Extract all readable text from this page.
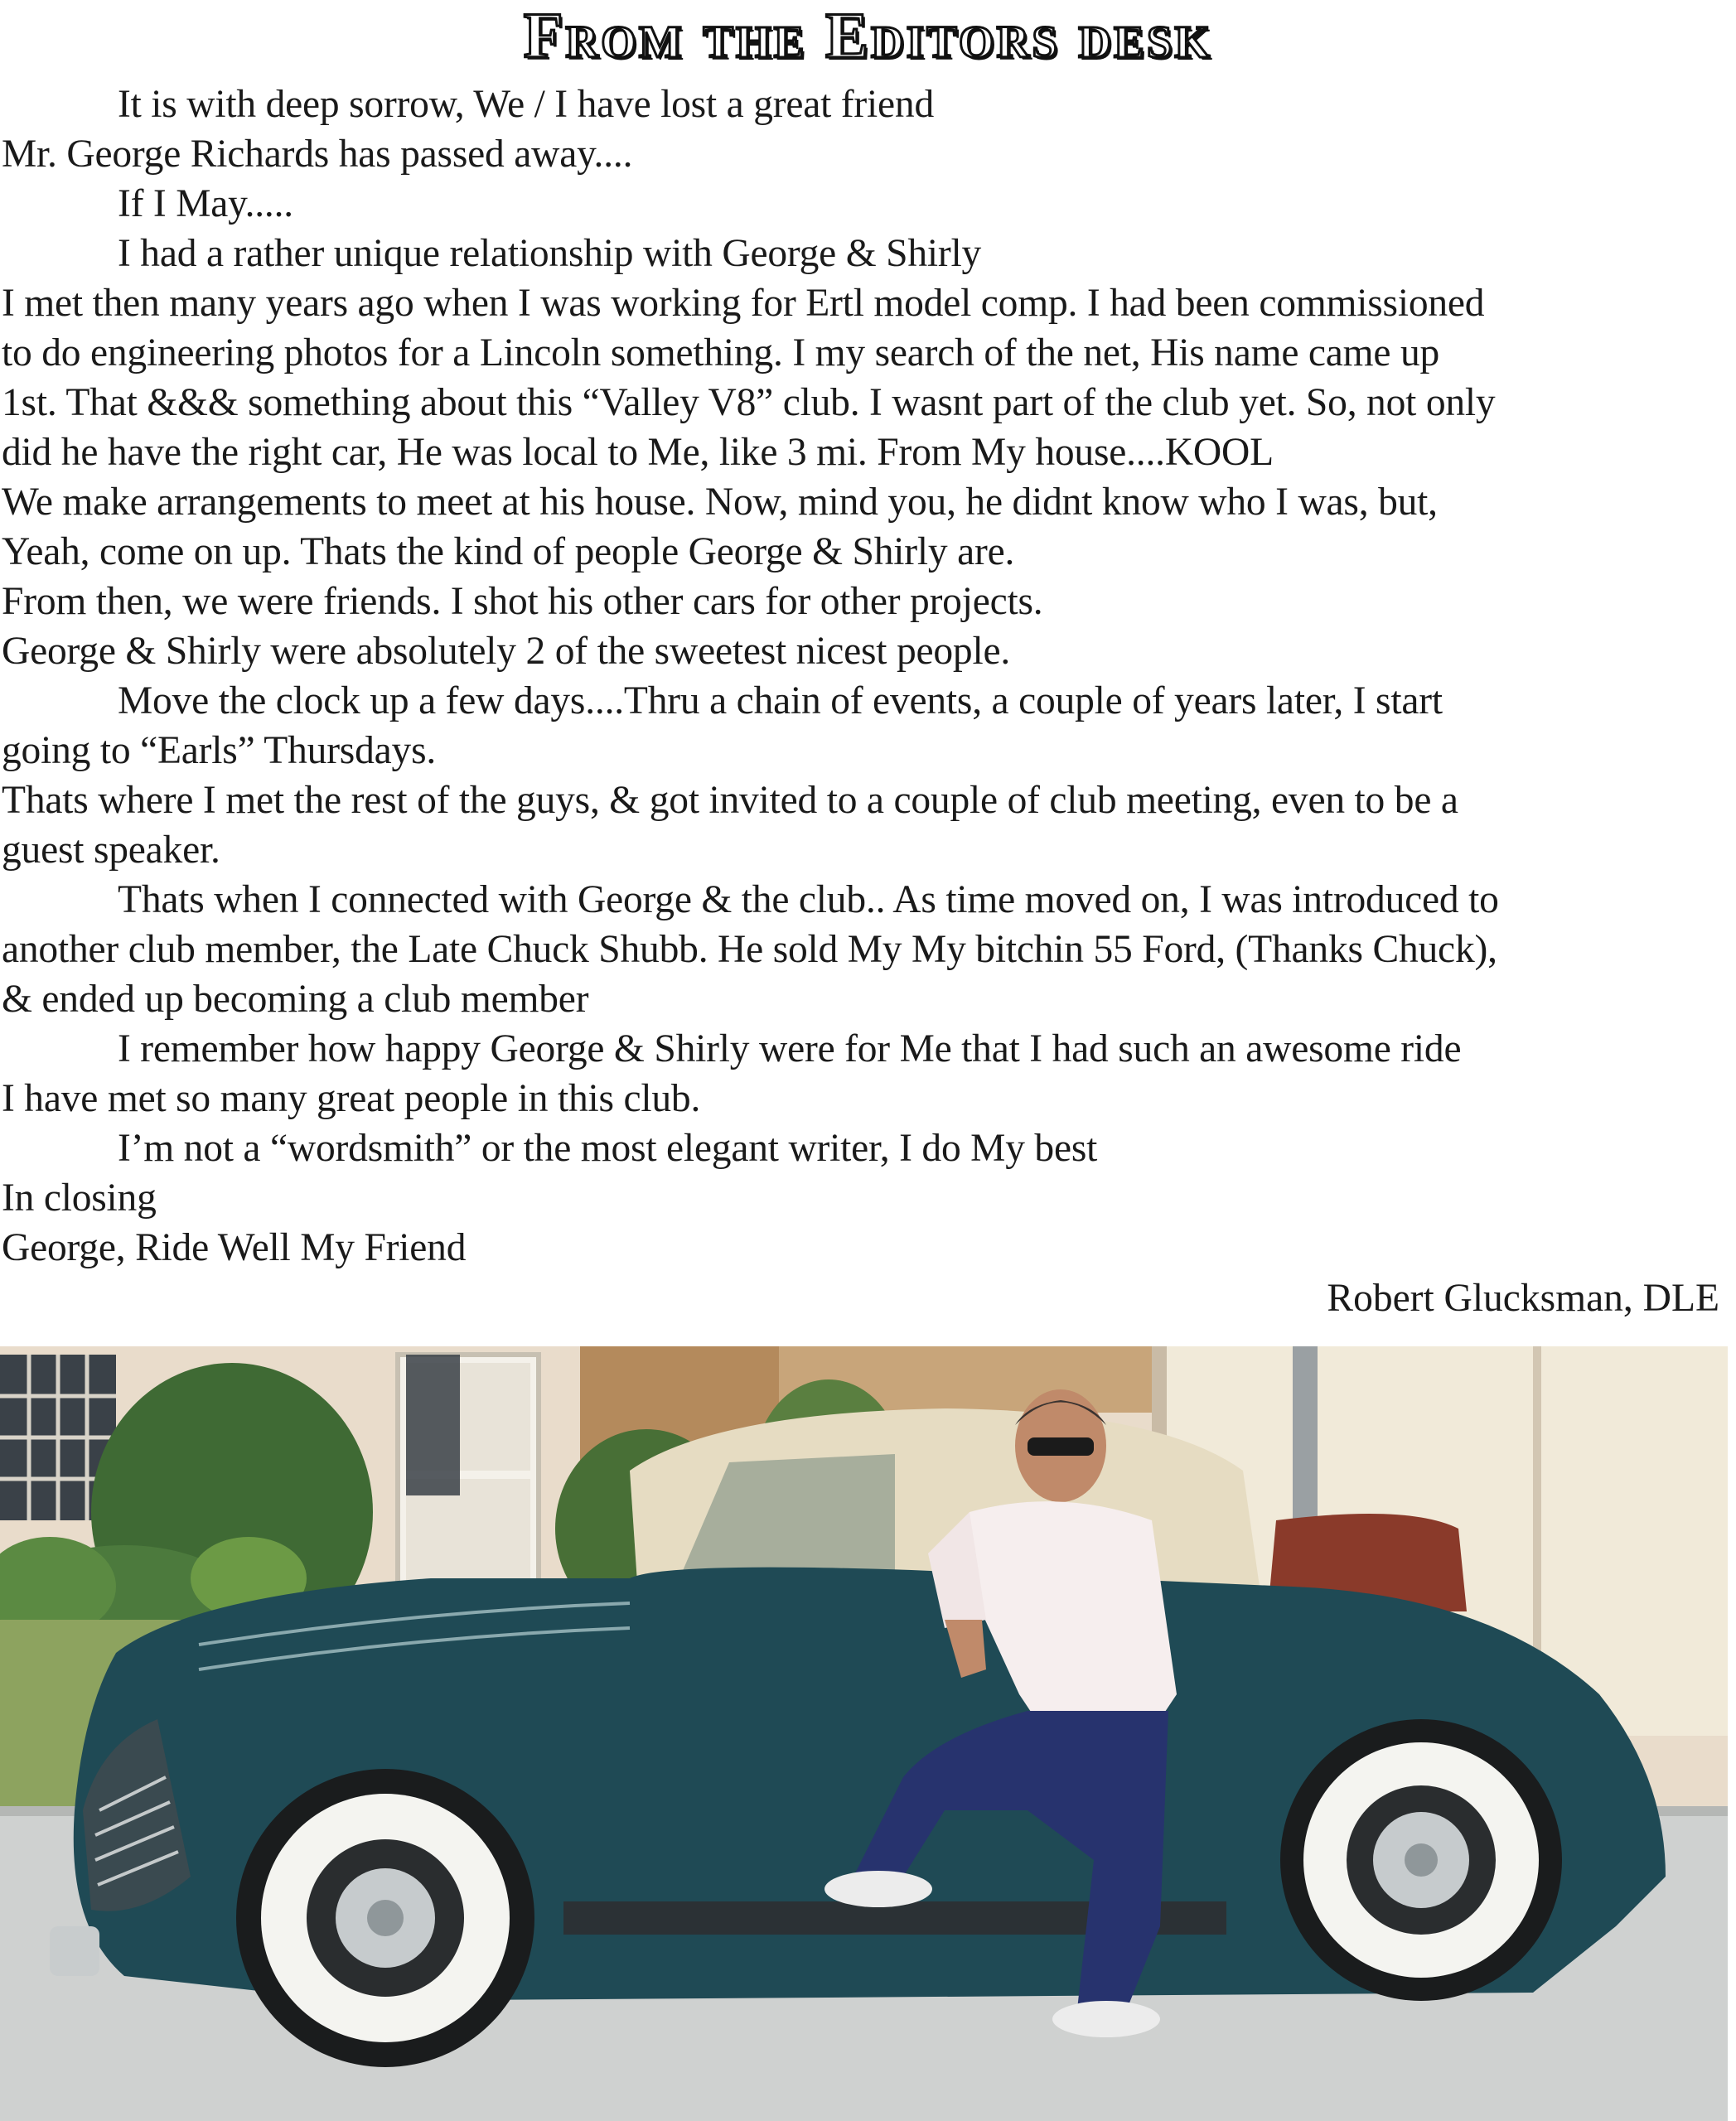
From the Editors desk

It is with deep sorrow, We / I have lost a great friend

Mr. George Richards has passed away....

If I May.....

I had a rather unique relationship with George & Shirly

I met then many years ago when I was working for Ertl model comp. I had been commissioned

to do engineering photos for a Lincoln something. I my search of the net, His name came up

1st. That &&& something about this “Valley V8” club. I wasnt part of the club yet. So, not only

did he have the right car, He was local to Me, like 3 mi. From My house....KOOL

We make arrangements to meet at his house. Now, mind you, he didnt know who I was, but,

Yeah, come on up. Thats the kind of people George & Shirly are.

From then, we were friends. I shot his other cars for other projects.

George & Shirly were absolutely 2 of the sweetest nicest people.

Move the clock up a few days....Thru a chain of events, a couple of years later, I start

going to “Earls” Thursdays.

Thats where I met the rest of the guys, & got invited to a couple of club meeting, even to be a

guest speaker.

Thats when I connected with George & the club.. As time moved on, I was introduced to

another club member, the Late Chuck Shubb. He sold My My bitchin 55 Ford, (Thanks Chuck),

& ended up becoming a club member

I remember how happy George & Shirly were for Me that I had such an awesome ride

I have met so many great people in this club.

I’m not a “wordsmith” or the most elegant writer, I do My best

In closing

George, Ride Well My Friend

Robert Glucksman, DLE
